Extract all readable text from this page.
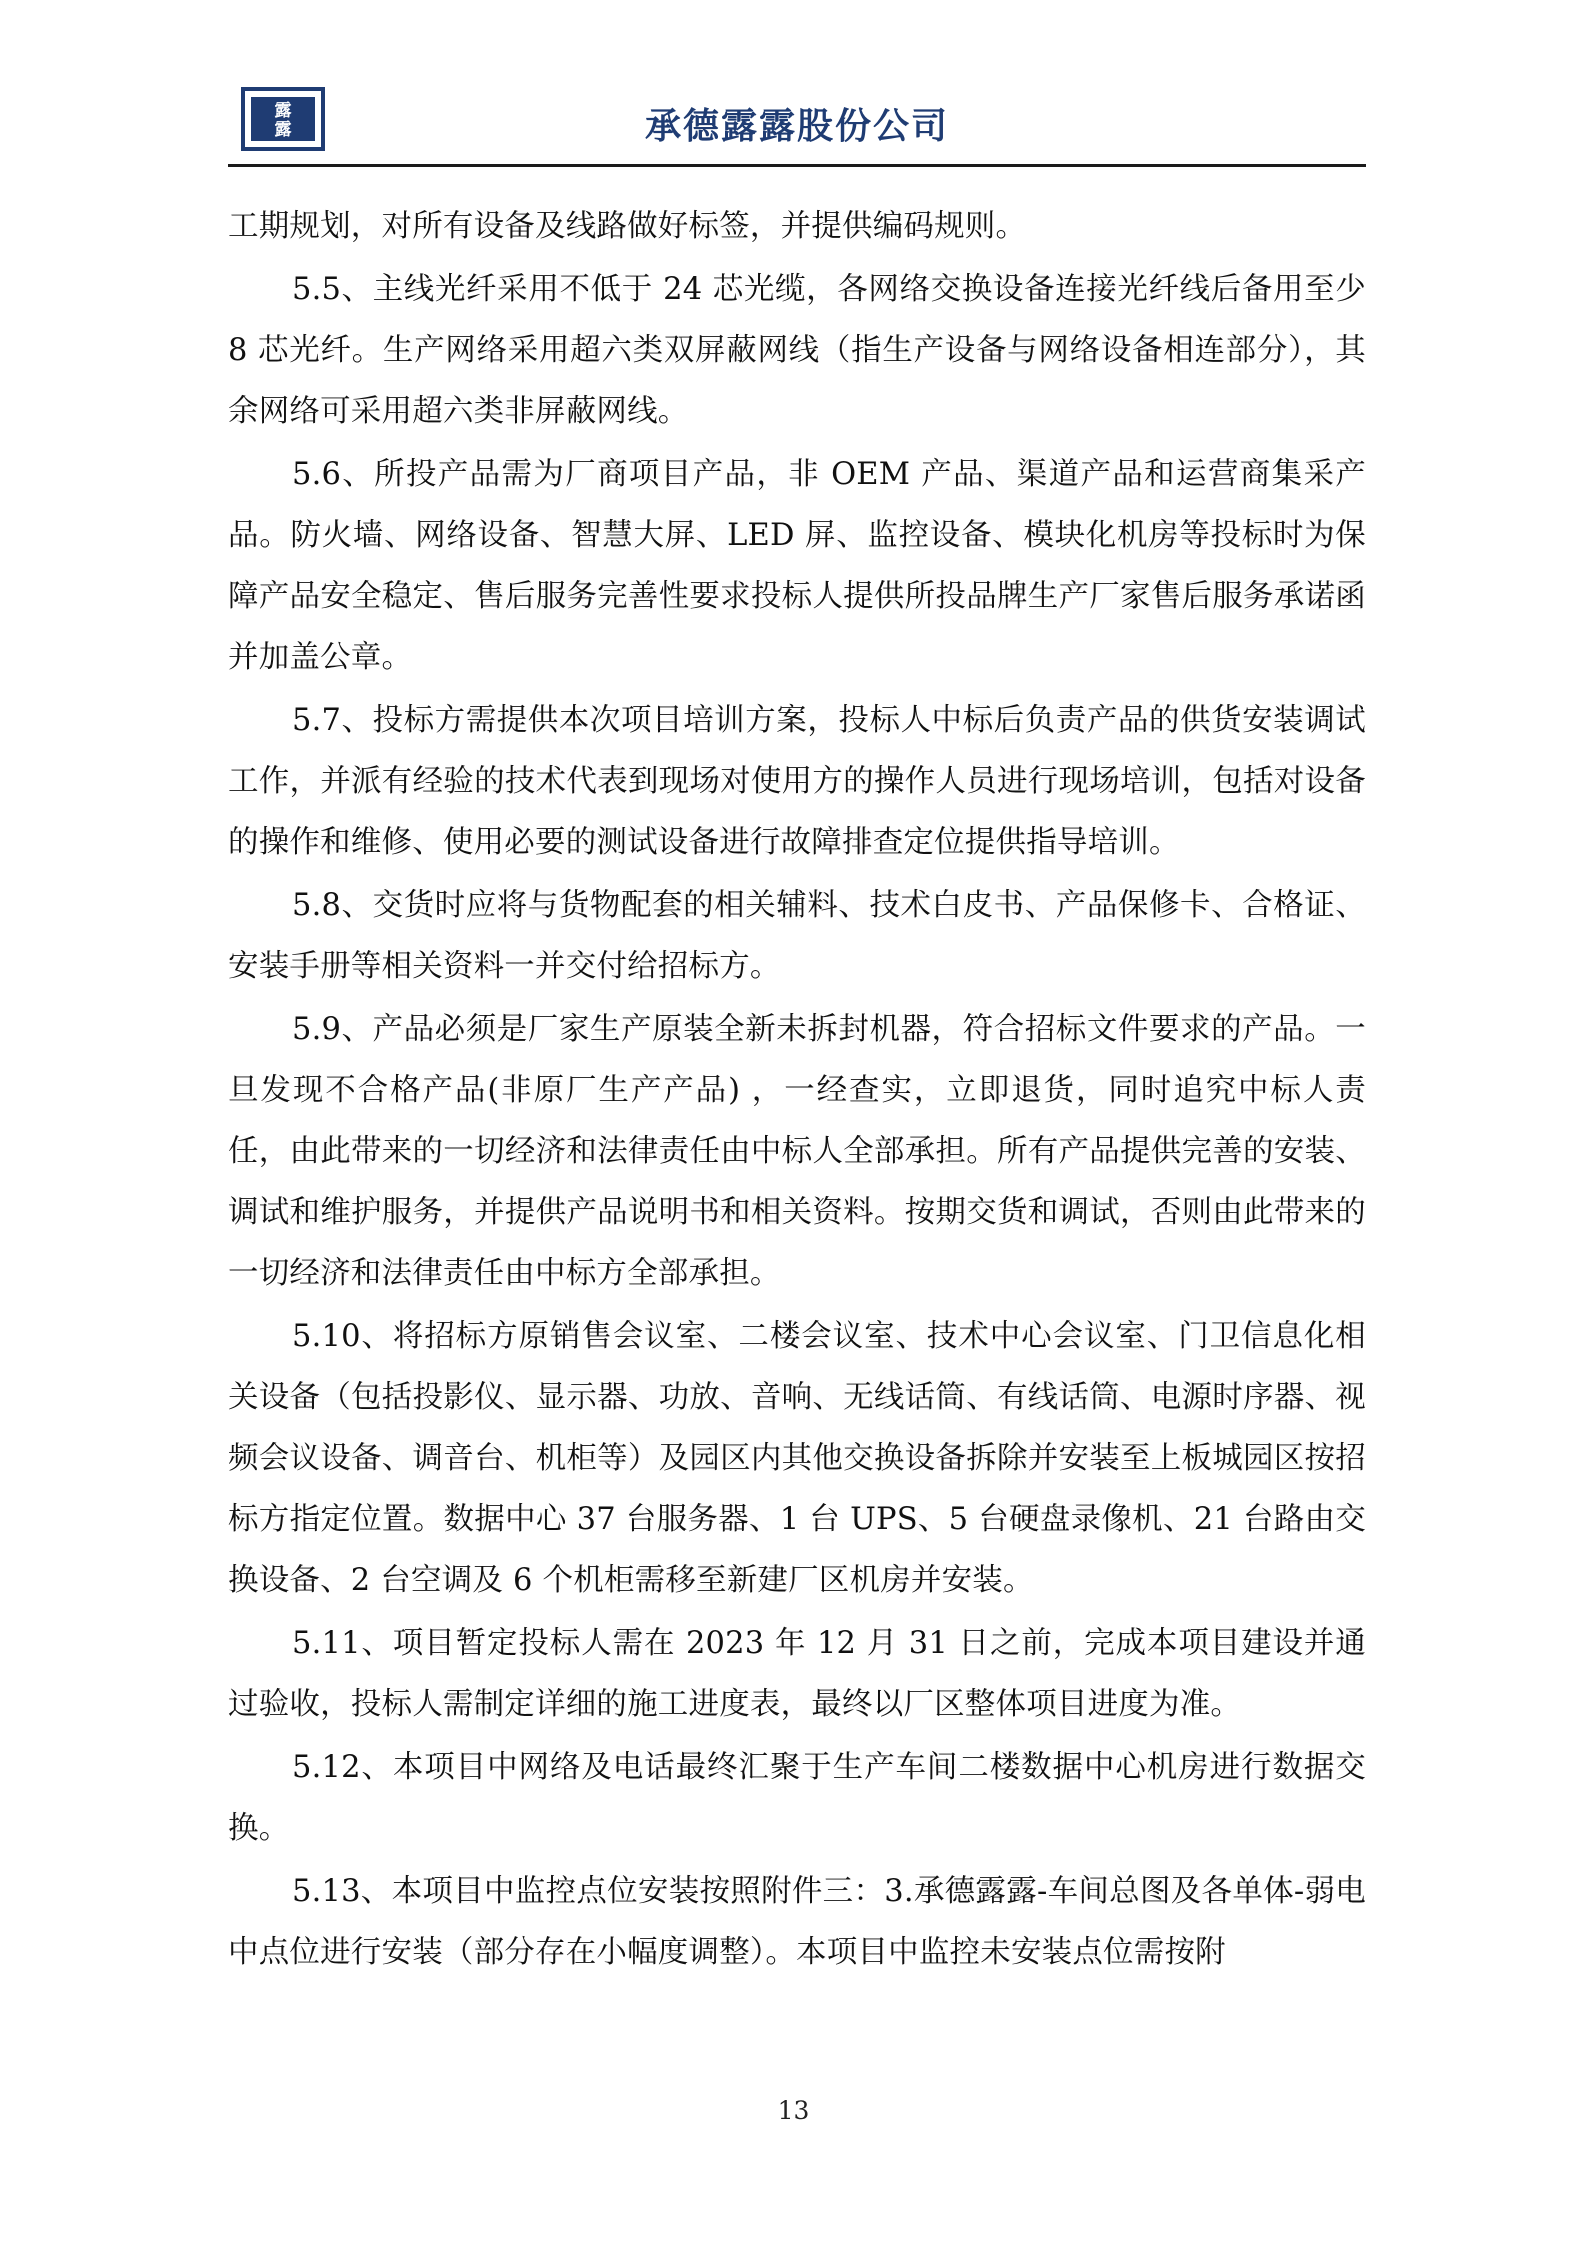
露
露	承德露露股份公司

工期规划，对所有设备及线路做好标签，并提供编码规则。

5.5、主线光纤采用不低于 24 芯光缆，各网络交换设备连接光纤线后备用至少 8 芯光纤。生产网络采用超六类双屏蔽网线（指生产设备与网络设备相连部分），其余网络可采用超六类非屏蔽网线。

5.6、所投产品需为厂商项目产品，非 OEM 产品、渠道产品和运营商集采产品。防火墙、网络设备、智慧大屏、LED 屏、监控设备、模块化机房等投标时为保障产品安全稳定、售后服务完善性要求投标人提供所投品牌生产厂家售后服务承诺函并加盖公章。

5.7、投标方需提供本次项目培训方案，投标人中标后负责产品的供货安装调试工作，并派有经验的技术代表到现场对使用方的操作人员进行现场培训，包括对设备的操作和维修、使用必要的测试设备进行故障排查定位提供指导培训。

5.8、交货时应将与货物配套的相关辅料、技术白皮书、产品保修卡、合格证、安装手册等相关资料一并交付给招标方。

5.9、产品必须是厂家生产原装全新未拆封机器，符合招标文件要求的产品。一旦发现不合格产品(非原厂生产产品) ，一经查实，立即退货，同时追究中标人责任，由此带来的一切经济和法律责任由中标人全部承担。所有产品提供完善的安装、调试和维护服务，并提供产品说明书和相关资料。按期交货和调试，否则由此带来的一切经济和法律责任由中标方全部承担。

5.10、将招标方原销售会议室、二楼会议室、技术中心会议室、门卫信息化相关设备（包括投影仪、显示器、功放、音响、无线话筒、有线话筒、电源时序器、视频会议设备、调音台、机柜等）及园区内其他交换设备拆除并安装至上板城园区按招标方指定位置。数据中心 37 台服务器、1 台 UPS、5 台硬盘录像机、21 台路由交换设备、2 台空调及 6 个机柜需移至新建厂区机房并安装。

5.11、项目暂定投标人需在 2023 年 12 月 31 日之前，完成本项目建设并通过验收，投标人需制定详细的施工进度表，最终以厂区整体项目进度为准。

5.12、本项目中网络及电话最终汇聚于生产车间二楼数据中心机房进行数据交换。

5.13、本项目中监控点位安装按照附件三：3.承德露露-车间总图及各单体-弱电中点位进行安装（部分存在小幅度调整）。本项目中监控未安装点位需按附

13
